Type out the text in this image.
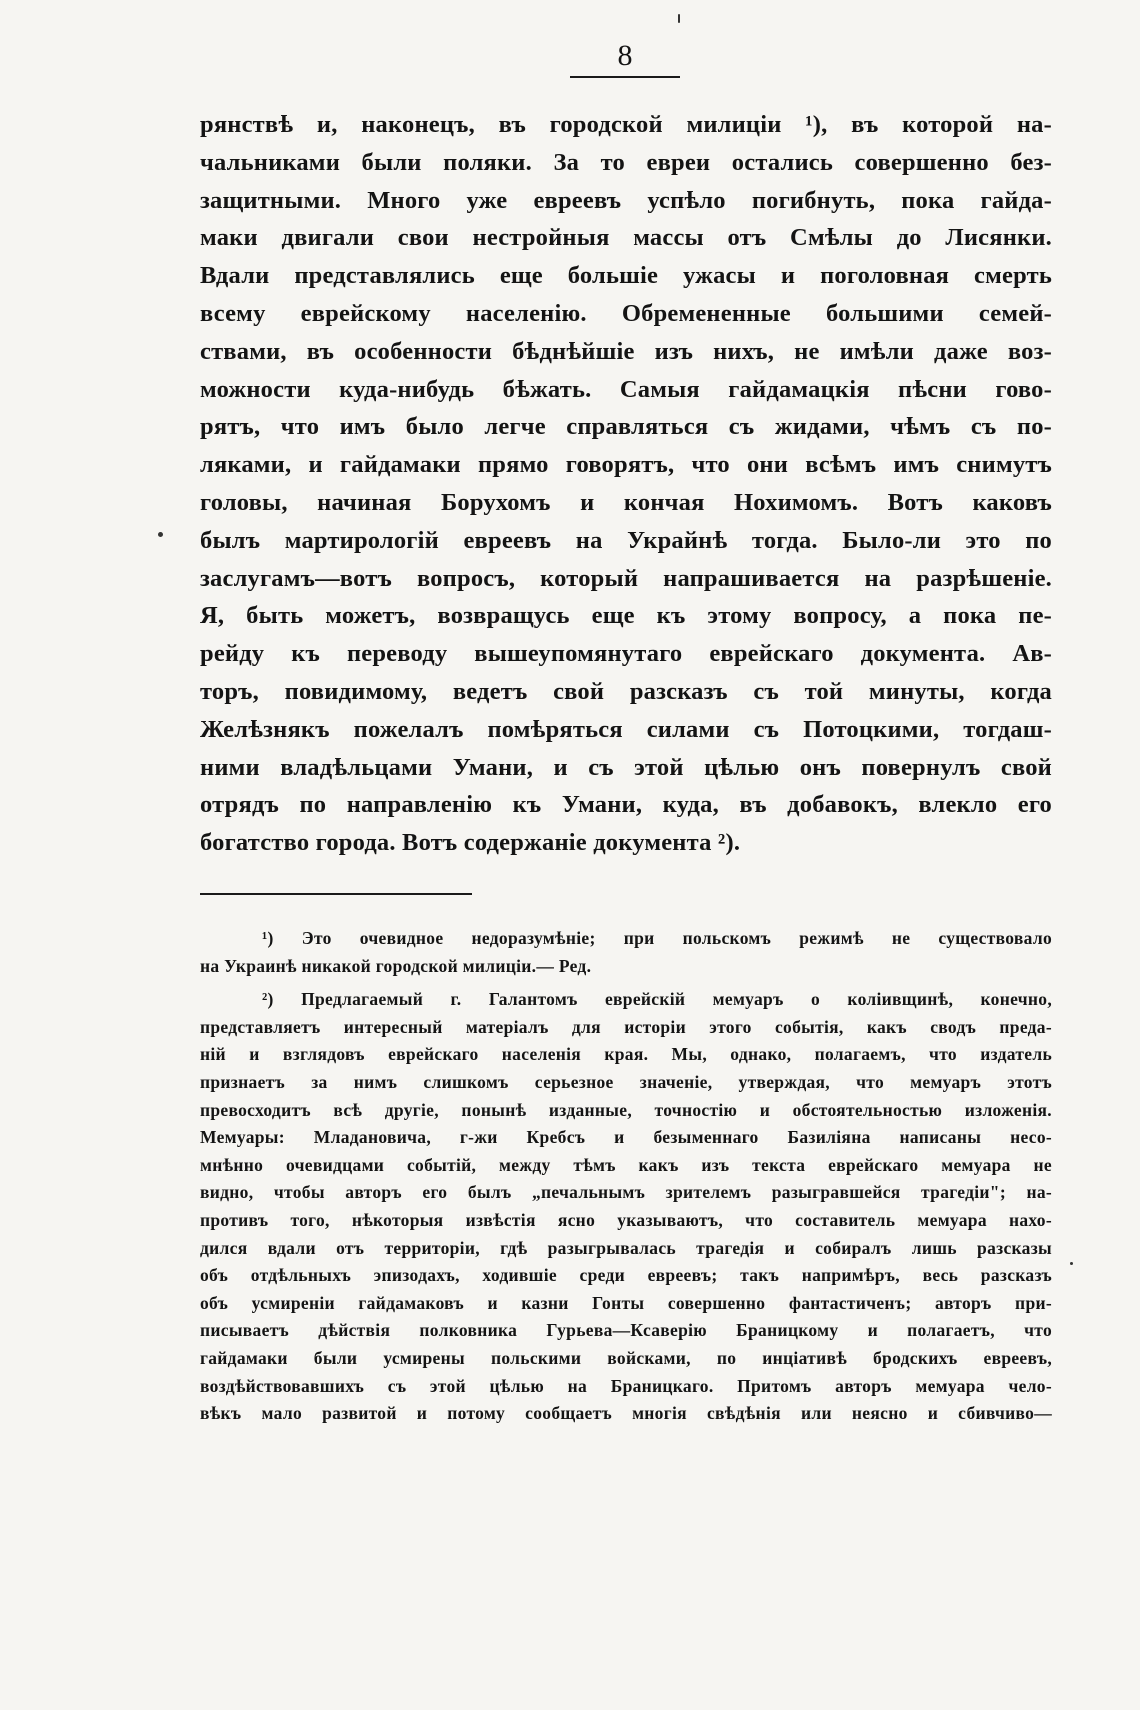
8
рянствѣ и, наконецъ, въ городской милиціи ¹), въ которой на-
чальниками были поляки. За то евреи остались совершенно без-
защитными. Много уже евреевъ успѣло погибнуть, пока гайда-
маки двигали свои нестройныя массы отъ Смѣлы до Лисянки.
Вдали представлялись еще большіе ужасы и поголовная смерть
всему еврейскому населенію. Обремененные большими семей-
ствами, въ особенности бѣднѣйшіе изъ нихъ, не имѣли даже воз-
можности куда-нибудь бѣжать. Самыя гайдамацкія пѣсни гово-
рятъ, что имъ было легче справляться съ жидами, чѣмъ съ по-
ляками, и гайдамаки прямо говорятъ, что они всѣмъ имъ снимутъ
головы, начиная Борухомъ и кончая Нохимомъ. Вотъ каковъ
былъ мартирологій евреевъ на Украйнѣ тогда. Было-ли это по
заслугамъ—вотъ вопросъ, который напрашивается на разрѣшеніе.
Я, быть можетъ, возвращусь еще къ этому вопросу, а пока пе-
рейду къ переводу вышеупомянутаго еврейскаго документа. Ав-
торъ, повидимому, ведетъ свой разсказъ съ той минуты, когда
Желѣзнякъ пожелалъ помѣряться силами съ Потоцкими, тогдаш-
ними владѣльцами Умани, и съ этой цѣлью онъ повернулъ свой
отрядъ по направленію къ Умани, куда, въ добавокъ, влекло его
богатство города. Вотъ содержаніе документа ²).
¹) Это очевидное недоразумѣніе; при польскомъ режимѣ не существовало
на Украинѣ никакой городской милиціи.— Ред.
²) Предлагаемый г. Галантомъ еврейскій мемуаръ о коліивщинѣ, конечно,
представляетъ интересный матеріалъ для исторіи этого событія, какъ сводъ преда-
ній и взглядовъ еврейскаго населенія края. Мы, однако, полагаемъ, что издатель
признаетъ за нимъ слишкомъ серьезное значеніе, утверждая, что мемуаръ этотъ
превосходитъ всѣ другіе, понынѣ изданные, точностію и обстоятельностью изложенія.
Мемуары: Младановича, г-жи Кребсъ и безыменнаго Базиліяна написаны несо-
мнѣнно очевидцами событій, между тѣмъ какъ изъ текста еврейскаго мемуара не
видно, чтобы авторъ его былъ „печальнымъ зрителемъ разыгравшейся трагедіи"; на-
противъ того, нѣкоторыя извѣстія ясно указываютъ, что составитель мемуара нахо-
дился вдали отъ территоріи, гдѣ разыгрывалась трагедія и собиралъ лишь разсказы
объ отдѣльныхъ эпизодахъ, ходившіе среди евреевъ; такъ напримѣръ, весь разсказъ
объ усмиреніи гайдамаковъ и казни Гонты совершенно фантастиченъ; авторъ при-
писываетъ дѣйствія полковника Гурьева—Ксаверію Браницкому и полагаетъ, что
гайдамаки были усмирены польскими войсками, по инціативѣ бродскихъ евреевъ,
воздѣйствовавшихъ съ этой цѣлью на Браницкаго. Притомъ авторъ мемуара чело-
вѣкъ мало развитой и потому сообщаетъ многія свѣдѣнія или неясно и сбивчиво—
